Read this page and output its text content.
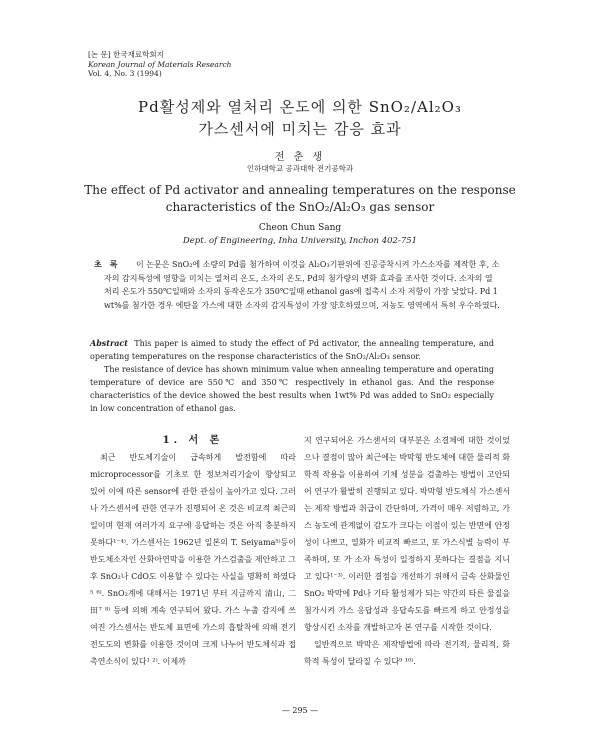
[논 문] 한국재료학회지
Korean Journal of Materials Research
Vol. 4, No. 3 (1994)
Pd활성제와 열처리 온도에 의한 SnO₂/Al₂O₃
가스센서에 미치는 감응 효과
전 춘 생
인하대학교 공과대학 전기공학과
The effect of Pd activator and annealing temperatures on the response
characteristics of the SnO₂/Al₂O₃ gas sensor
Cheon Chun Sang
Dept. of Engineering, Inha University, Inchon 402-751
초록	이 논문은 SnO₂에 소량의 Pd를 첨가하여 이것을 Al₂O₃기판위에 진공증착시켜 가스소자를 제작한 후, 소자의 감지특성에 영향을 미치는 열처리 온도, 소자의 온도, Pd의 첨가량의 변화 효과를 조사한 것이다. 소자의 열처리 온도가 550℃일때와 소자의 동작온도가 350℃일때 ethanol gas에 접촉시 소자 저항이 가장 낮았다. Pd 1 wt%를 첨가한 경우 에탄올 가스에 대한 소자의 감지특성이 가장 양호하였으며, 저농도 영역에서 특히 우수하였다.

Abstract This paper is aimed to study the effect of Pd activator, the annealing temperature, and operating temperatures on the response characteristics of the SnO₂/Al₂O₃ sensor.

The resistance of device has shown minimum value when annealing temperature and operating temperature of device are 550℃ and 350℃ respectively in ethanol gas. And the response characteristics of the device showed the best results when 1wt% Pd was added to SnO₂ especially in low concentration of ethanol gas.

1. 서 론

최근 반도체기술이 급속하게 발전함에 따라 microprocessor를 기초로 한 정보처리기술이 향상되고 있어 이에 따른 sensor에 관한 관심이 높아가고 있다. 그러나 가스센서에 관한 연구가 진행되어 온 것은 비교적 최근의 일이며 현재 여러가지 요구에 응답하는 것은 아직 충분하지 못하다¹⁻⁴⁾. 가스센서는 1962년 일본의 T. Seiyama⁵⁾등이 반도체소자인 산화아연막을 이용한 가스검출을 제안하고 그후 SnO₂나 CdO도 이용할 수 있다는 사실을 명확히 하였다⁵ ⁶⁾. SnO₂계에 대해서는 1971년 부터 지금까지 清山, 二田⁷ ⁸⁾ 등에 의해 계속 연구되어 왔다. 가스 누출 감지에 쓰여진 가스센서는 반도체 표면에 가스의 흡탈착에 의해 전기전도도의 변화를 이용한 것이며 크게 나누어 반도체식과 접촉연소식이 있다¹ ²⁾. 이제까

지 연구되어온 가스센서의 대부분은 소결체에 대한 것이었으나 결점이 많아 최근에는 박막형 반도체에 대한 물리적 화학적 작용을 이용하여 기체 성분을 검출하는 방법이 고안되어 연구가 활발히 진행되고 있다. 박막형 반도체식 가스센서는 제작 방법과 취급이 간단하며, 가격이 매우 저렴하고, 가스 농도에 관계없이 감도가 크다는 이점이 있는 반면에 안정성이 나쁘고, 열화가 비교적 빠르고, 또 가스식별 능력이 부족하며, 또 가 소자 특성이 일정하지 못하다는 결점을 지니고 있다¹⁻³⁾. 이러한 결점을 개선하기 위해서 금속 산화물인 SnO₂ 박막에 Pd나 기타 활성제가 되는 약간의 타른 물질을 첨가시켜 가스 응답성과 응답속도를 빠르게 하고 안정성을 향상시킨 소자를 개발하고자 본 연구를 시작한 것이다.

일반적으로 박막은 제작방법에 따라 전기적, 물리적, 화학적 특성이 달라질 수 있다⁹ ¹⁰⁾.

— 295 —
